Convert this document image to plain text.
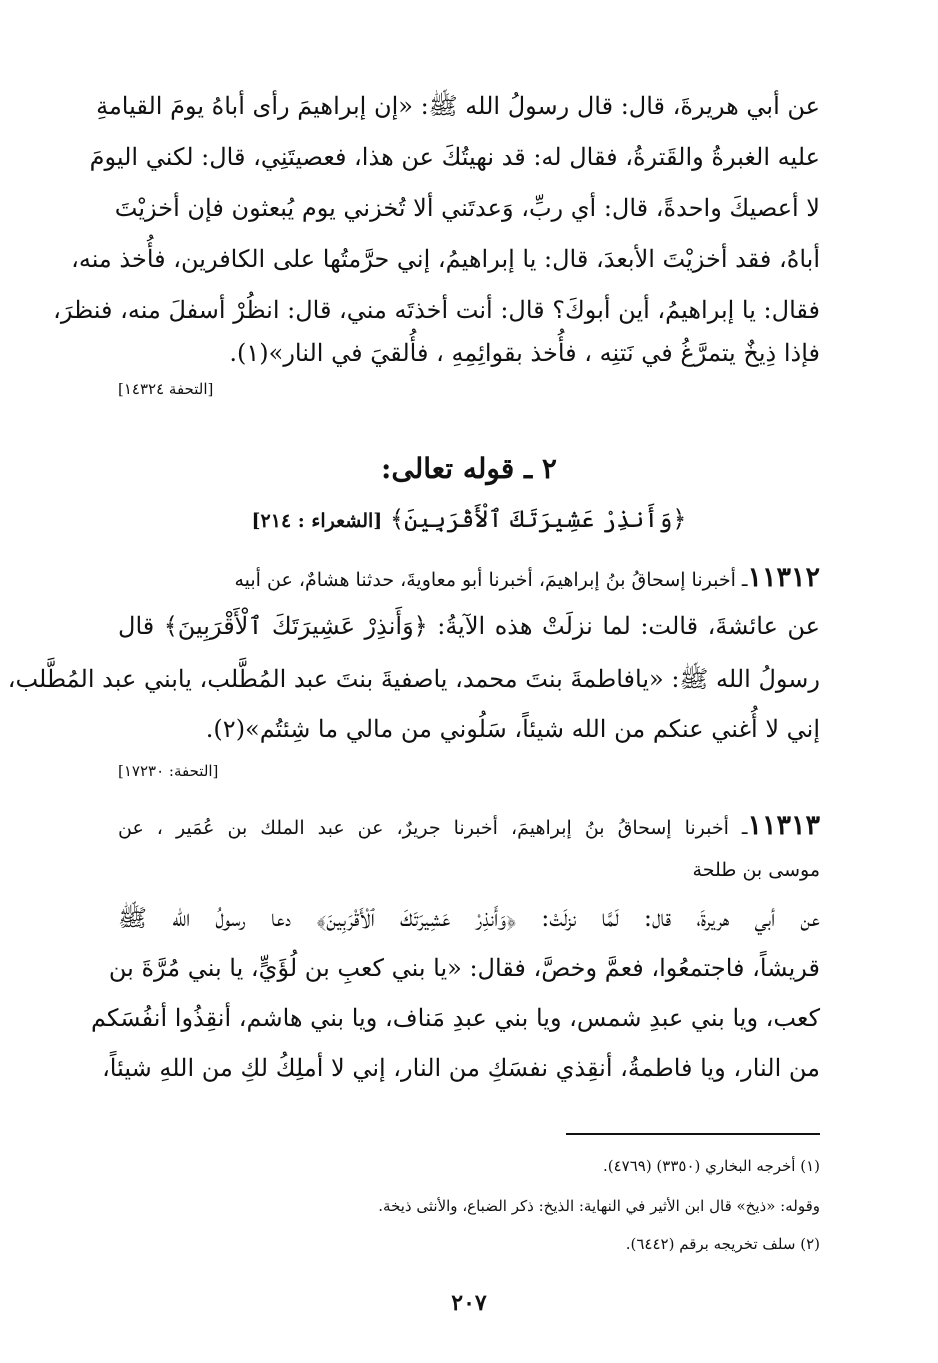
عن أبي هريرةَ، قال: قال رسولُ الله ﷺ: «إن إبراهيمَ رأى أباهُ يومَ القيامةِ
عليه الغبرةُ والقَترةُ، فقال له: قد نهيتُكَ عن هذا، فعصيتَنِي، قال: لكني اليومَ
لا أعصيكَ واحدةً، قال: أي ربِّ، وَعدتَني ألا تُخزني يوم يُبعثون فإن أخزيْتَ
أباهُ، فقد أخزيْتَ الأبعدَ، قال: يا إبراهيمُ، إني حرَّمتُها على الكافرين، فأُخذ منه،
فقال: يا إبراهيمُ، أين أبوكَ؟ قال: أنت أخذتَه مني، قال: انظُرْ أسفلَ منه، فنظرَ،
فإذا ذِيخٌ يتمرَّغُ في نَتنِه ، فأُخذ بقوائِمِهِ ، فأُلقيَ في النار»(١).
[التحفة ١٤٣٢٤]
٢ ـ قوله تعالى:
﴿وَأَنذِرْ عَشِيرَتَكَ ٱلْأَقْرَبِينَ﴾ [الشعراء : ٢١٤]
١١٣١٢ـ أخبرنا إسحاقُ بنُ إبراهيمَ، أخبرنا أبو معاويةَ، حدثنا هشامٌ، عن أبيه
عن عائشةَ، قالت: لما نزلَتْ هذه الآيةُ: ﴿وَأَنذِرْ عَشِيرَتَكَ ٱلْأَقْرَبِينَ﴾ قال
رسولُ الله ﷺ: «يافاطمةَ بنتَ محمد، ياصفيةَ بنتَ عبد المُطَّلب، يابني عبد المُطَّلب،
إني لا أُغني عنكم من الله شيئاً، سَلُوني من مالي ما شِئتُم»(٢).
[التحفة: ١٧٢٣٠]
١١٣١٣ـ أخبرنا إسحاقُ بنُ إبراهيمَ، أخبرنا جريرٌ، عن عبد الملك بن عُمَير ، عن
موسى بن طلحة
عن أبي هريرةَ، قال: لَمَّا نزلَتْ: ﴿وَأَنذِرْ عَشِيرَتَكَ ٱلْأَقْرَبِينَ﴾ دعا رسولُ الله ﷺ
قريشاً، فاجتمعُوا، فعمَّ وخصَّ، فقال: «يا بني كعبِ بن لُؤَيٍّ، يا بني مُرَّةَ بن
كعب، ويا بني عبدِ شمس، ويا بني عبدِ مَناف، ويا بني هاشم، أنقِذُوا أنفُسَكم
من النار، ويا فاطمةُ، أنقِذي نفسَكِ من النار، إني لا أملِكُ لكِ من اللهِ شيئاً،
(١) أخرجه البخاري (٣٣٥٠) (٤٧٦٩).
وقوله: «ذيخ» قال ابن الأثير في النهاية: الذيخ: ذكر الضباع، والأنثى ذيخة.
(٢) سلف تخريجه برقم (٦٤٤٢).
٢٠٧
